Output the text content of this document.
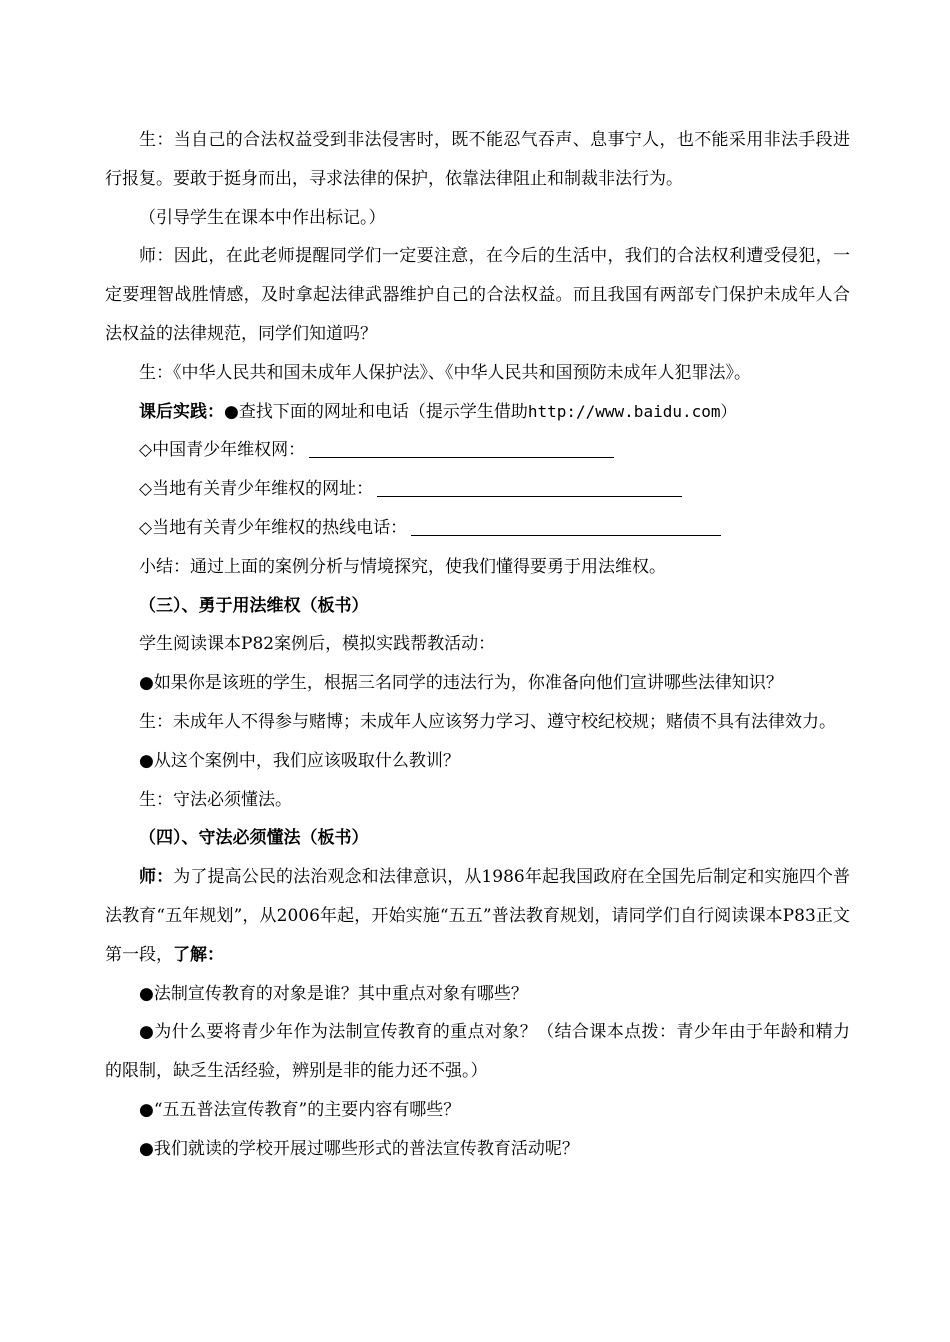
生：当自己的合法权益受到非法侵害时，既不能忍气吞声、息事宁人，也不能采用非法手段进行报复。要敢于挺身而出，寻求法律的保护，依靠法律阻止和制裁非法行为。

（引导学生在课本中作出标记。）

师：因此，在此老师提醒同学们一定要注意，在今后的生活中，我们的合法权利遭受侵犯，一定要理智战胜情感，及时拿起法律武器维护自己的合法权益。而且我国有两部专门保护未成年人合法权益的法律规范，同学们知道吗？

生：《中华人民共和国未成年人保护法》、《中华人民共和国预防未成年人犯罪法》。

课后实践：●查找下面的网址和电话（提示学生借助http://www.baidu.com）

◇中国青少年维权网：

◇当地有关青少年维权的网址：

◇当地有关青少年维权的热线电话：

小结：通过上面的案例分析与情境探究，使我们懂得要勇于用法维权。

（三）、勇于用法维权（板书）

学生阅读课本P82案例后，模拟实践帮教活动：

●如果你是该班的学生，根据三名同学的违法行为，你准备向他们宣讲哪些法律知识？

生：未成年人不得参与赌博；未成年人应该努力学习、遵守校纪校规；赌债不具有法律效力。

●从这个案例中，我们应该吸取什么教训？

生：守法必须懂法。

（四）、守法必须懂法（板书）

师：为了提高公民的法治观念和法律意识，从1986年起我国政府在全国先后制定和实施四个普法教育“五年规划”，从2006年起，开始实施“五五”普法教育规划，请同学们自行阅读课本P83正文第一段，了解：

●法制宣传教育的对象是谁？其中重点对象有哪些？

●为什么要将青少年作为法制宣传教育的重点对象？（结合课本点拨：青少年由于年龄和精力的限制，缺乏生活经验，辨别是非的能力还不强。）

●“五五普法宣传教育”的主要内容有哪些？

●我们就读的学校开展过哪些形式的普法宣传教育活动呢？
